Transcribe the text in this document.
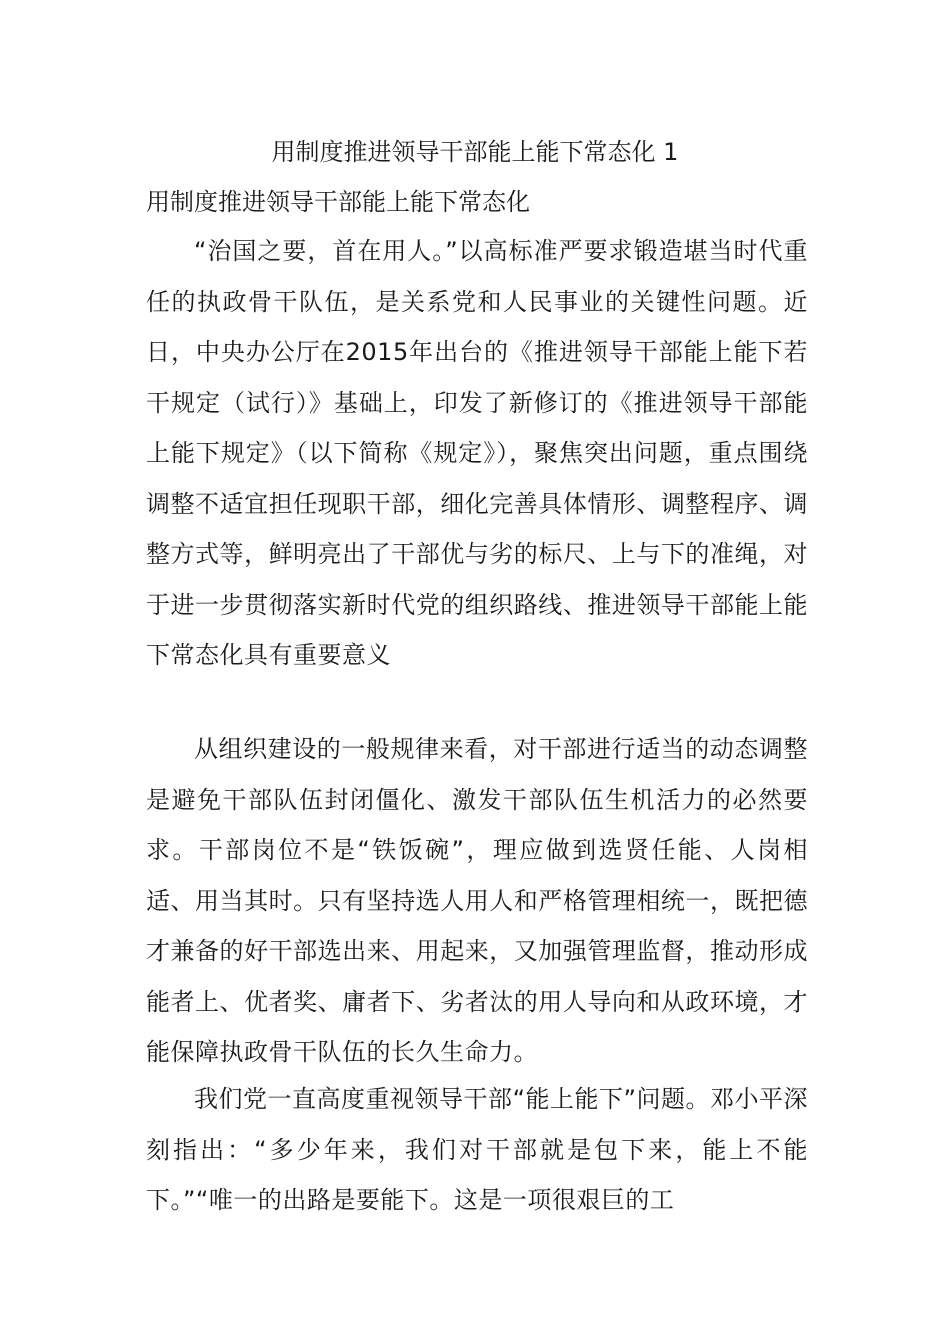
用制度推进领导干部能上能下常态化 1

用制度推进领导干部能上能下常态化

“治国之要，首在用人。”以高标准严要求锻造堪当时代重任的执政骨干队伍，是关系党和人民事业的关键性问题。近日，中央办公厅在2015年出台的《推进领导干部能上能下若干规定（试行）》基础上，印发了新修订的《推进领导干部能上能下规定》（以下简称《规定》），聚焦突出问题，重点围绕调整不适宜担任现职干部，细化完善具体情形、调整程序、调整方式等，鲜明亮出了干部优与劣的标尺、上与下的准绳，对于进一步贯彻落实新时代党的组织路线、推进领导干部能上能下常态化具有重要意义

从组织建设的一般规律来看，对干部进行适当的动态调整是避免干部队伍封闭僵化、激发干部队伍生机活力的必然要求。干部岗位不是“铁饭碗”，理应做到选贤任能、人岗相适、用当其时。只有坚持选人用人和严格管理相统一，既把德才兼备的好干部选出来、用起来，又加强管理监督，推动形成能者上、优者奖、庸者下、劣者汰的用人导向和从政环境，才能保障执政骨干队伍的长久生命力。

我们党一直高度重视领导干部“能上能下”问题。邓小平深刻指出：“多少年来，我们对干部就是包下来，能上不能下。”“唯一的出路是要能下。这是一项很艰巨的工
